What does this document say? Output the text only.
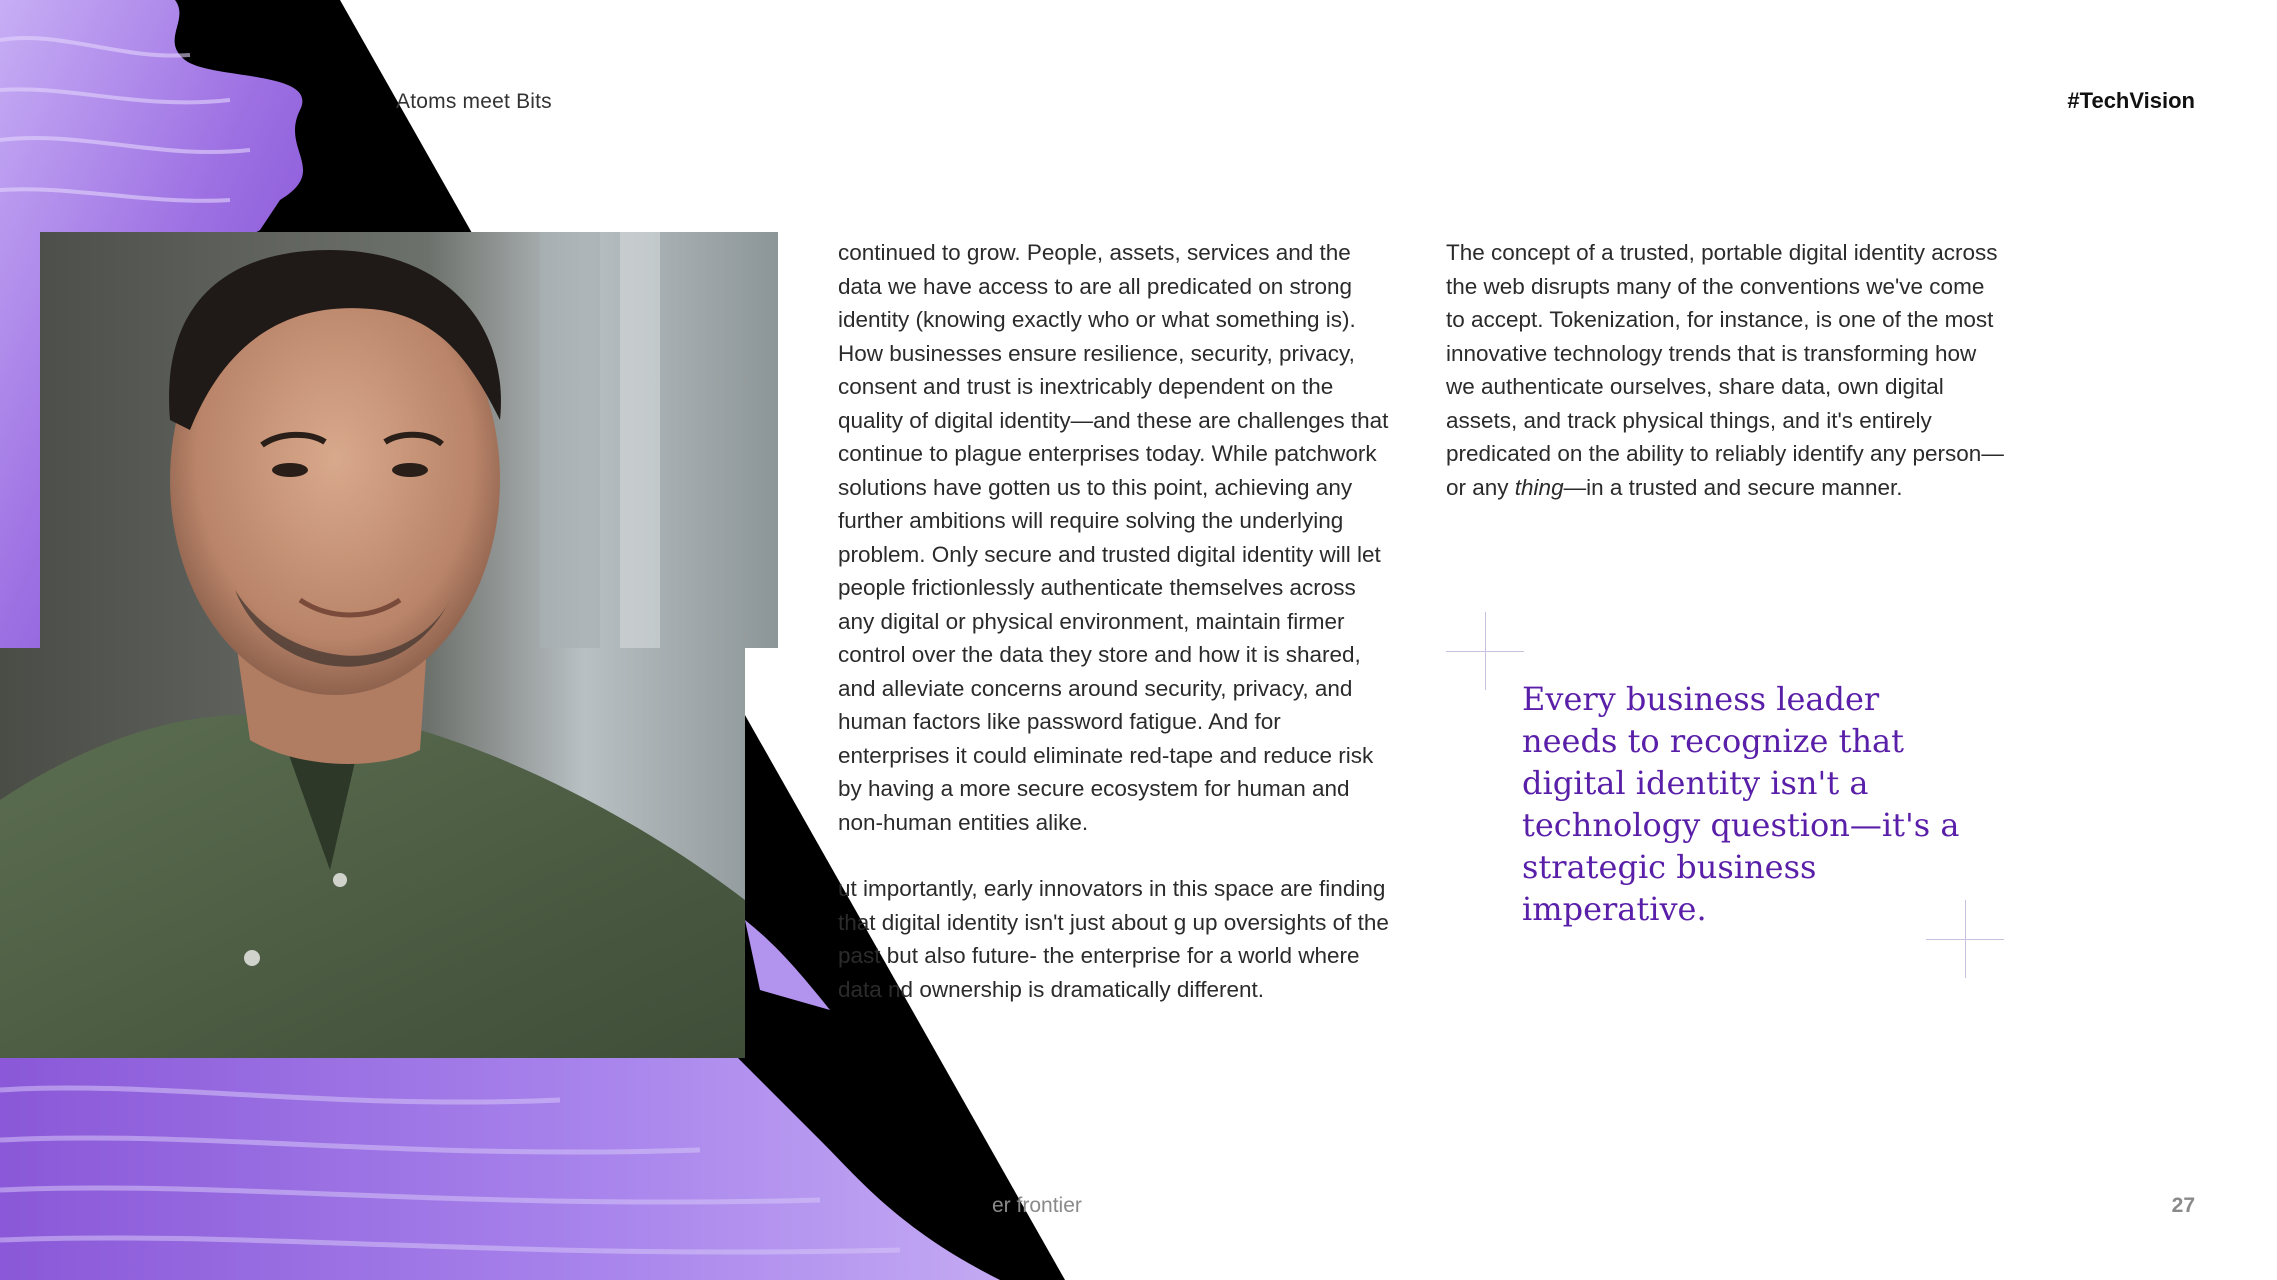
Atoms meet Bits	#TechVision

continued to grow. People, assets, services and the data we have access to are all predicated on strong identity (knowing exactly who or what something is). How businesses ensure resilience, security, privacy, consent and trust is inextricably dependent on the quality of digital identity—and these are challenges that continue to plague enterprises today. While patchwork solutions have gotten us to this point, achieving any further ambitions will require solving the underlying problem. Only secure and trusted digital identity will let people frictionlessly authenticate themselves across any digital or physical environment, maintain firmer control over the data they store and how it is shared, and alleviate concerns around security, privacy, and human factors like password fatigue. And for enterprises it could eliminate red-tape and reduce risk by having a more secure ecosystem for human and non-human entities alike.

ut importantly, early innovators in this space are finding that digital identity isn't just about g up oversights of the past but also future- the enterprise for a world where data nd ownership is dramatically different.

The concept of a trusted, portable digital identity across the web disrupts many of the conventions we've come to accept. Tokenization, for instance, is one of the most innovative technology trends that is transforming how we authenticate ourselves, share data, own digital assets, and track physical things, and it's entirely predicated on the ability to reliably identify any person—or any thing—in a trusted and secure manner.

Every business leader needs to recognize that digital identity isn't a technology question—it's a strategic business imperative.
er frontier	27
